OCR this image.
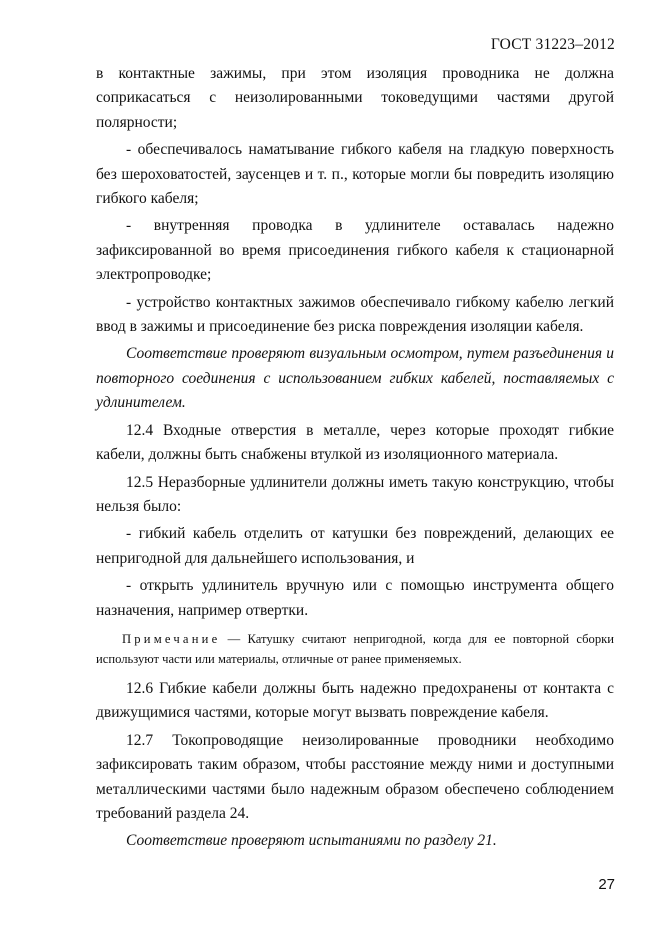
ГОСТ 31223–2012

в контактные зажимы, при этом изоляция проводника не должна соприкасаться с неизолированными токоведущими частями другой полярности;

- обеспечивалось наматывание гибкого кабеля на гладкую поверхность без шероховатостей, заусенцев и т. п., которые могли бы повредить изоляцию гибкого кабеля;

- внутренняя проводка в удлинителе оставалась надежно зафиксированной во время присоединения гибкого кабеля к стационарной электропроводке;

- устройство контактных зажимов обеспечивало гибкому кабелю легкий ввод в зажимы и присоединение без риска повреждения изоляции кабеля.

Соответствие проверяют визуальным осмотром, путем разъединения и повторного соединения с использованием гибких кабелей, поставляемых с удлинителем.

12.4 Входные отверстия в металле, через которые проходят гибкие кабели, должны быть снабжены втулкой из изоляционного материала.

12.5 Неразборные удлинители должны иметь такую конструкцию, чтобы нельзя было:

- гибкий кабель отделить от катушки без повреждений, делающих ее непригодной для дальнейшего использования, и

- открыть удлинитель вручную или с помощью инструмента общего назначения, например отвертки.

Примечание — Катушку считают непригодной, когда для ее повторной сборки используют части или материалы, отличные от ранее применяемых.

12.6 Гибкие кабели должны быть надежно предохранены от контакта с движущимися частями, которые могут вызвать повреждение кабеля.

12.7 Токопроводящие неизолированные проводники необходимо зафиксировать таким образом, чтобы расстояние между ними и доступными металлическими частями было надежным образом обеспечено соблюдением требований раздела 24.

Соответствие проверяют испытаниями по разделу 21.

27
